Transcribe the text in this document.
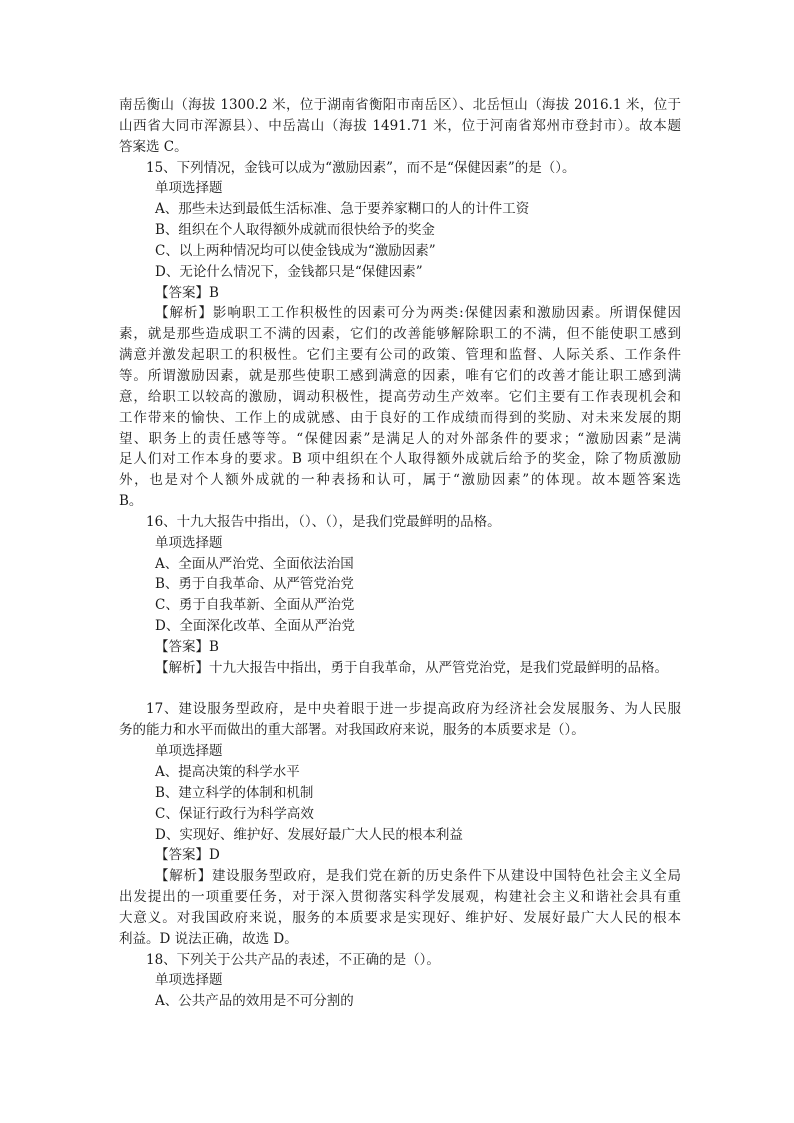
南岳衡山（海拔 1300.2 米，位于湖南省衡阳市南岳区）、北岳恒山（海拔 2016.1 米，位于
山西省大同市浑源县）、中岳嵩山（海拔 1491.71 米，位于河南省郑州市登封市）。故本题
答案选 C。
15、下列情况，金钱可以成为“激励因素”，而不是“保健因素”的是（）。
单项选择题
A、那些未达到最低生活标准、急于要养家糊口的人的计件工资
B、组织在个人取得额外成就而很快给予的奖金
C、以上两种情况均可以使金钱成为“激励因素”
D、无论什么情况下，金钱都只是“保健因素”
【答案】B
【解析】影响职工工作积极性的因素可分为两类:保健因素和激励因素。所谓保健因
素，就是那些造成职工不满的因素，它们的改善能够解除职工的不满，但不能使职工感到
满意并激发起职工的积极性。它们主要有公司的政策、管理和监督、人际关系、工作条件
等。所谓激励因素，就是那些使职工感到满意的因素，唯有它们的改善才能让职工感到满
意，给职工以较高的激励，调动积极性，提高劳动生产效率。它们主要有工作表现机会和
工作带来的愉快、工作上的成就感、由于良好的工作成绩而得到的奖励、对未来发展的期
望、职务上的责任感等等。“保健因素”是满足人的对外部条件的要求；“激励因素”是满
足人们对工作本身的要求。B 项中组织在个人取得额外成就后给予的奖金，除了物质激励
外，也是对个人额外成就的一种表扬和认可，属于“激励因素”的体现。故本题答案选
B。
16、十九大报告中指出，（）、（），是我们党最鲜明的品格。
单项选择题
A、全面从严治党、全面依法治国
B、勇于自我革命、从严管党治党
C、勇于自我革新、全面从严治党
D、全面深化改革、全面从严治党
【答案】B
【解析】十九大报告中指出，勇于自我革命，从严管党治党，是我们党最鲜明的品格。
17、建设服务型政府，是中央着眼于进一步提高政府为经济社会发展服务、为人民服
务的能力和水平而做出的重大部署。对我国政府来说，服务的本质要求是（）。
单项选择题
A、提高决策的科学水平
B、建立科学的体制和机制
C、保证行政行为科学高效
D、实现好、维护好、发展好最广大人民的根本利益
【答案】D
【解析】建设服务型政府，是我们党在新的历史条件下从建设中国特色社会主义全局
出发提出的一项重要任务，对于深入贯彻落实科学发展观，构建社会主义和谐社会具有重
大意义。对我国政府来说，服务的本质要求是实现好、维护好、发展好最广大人民的根本
利益。D 说法正确，故选 D。
18、下列关于公共产品的表述，不正确的是（）。
单项选择题
A、公共产品的效用是不可分割的
